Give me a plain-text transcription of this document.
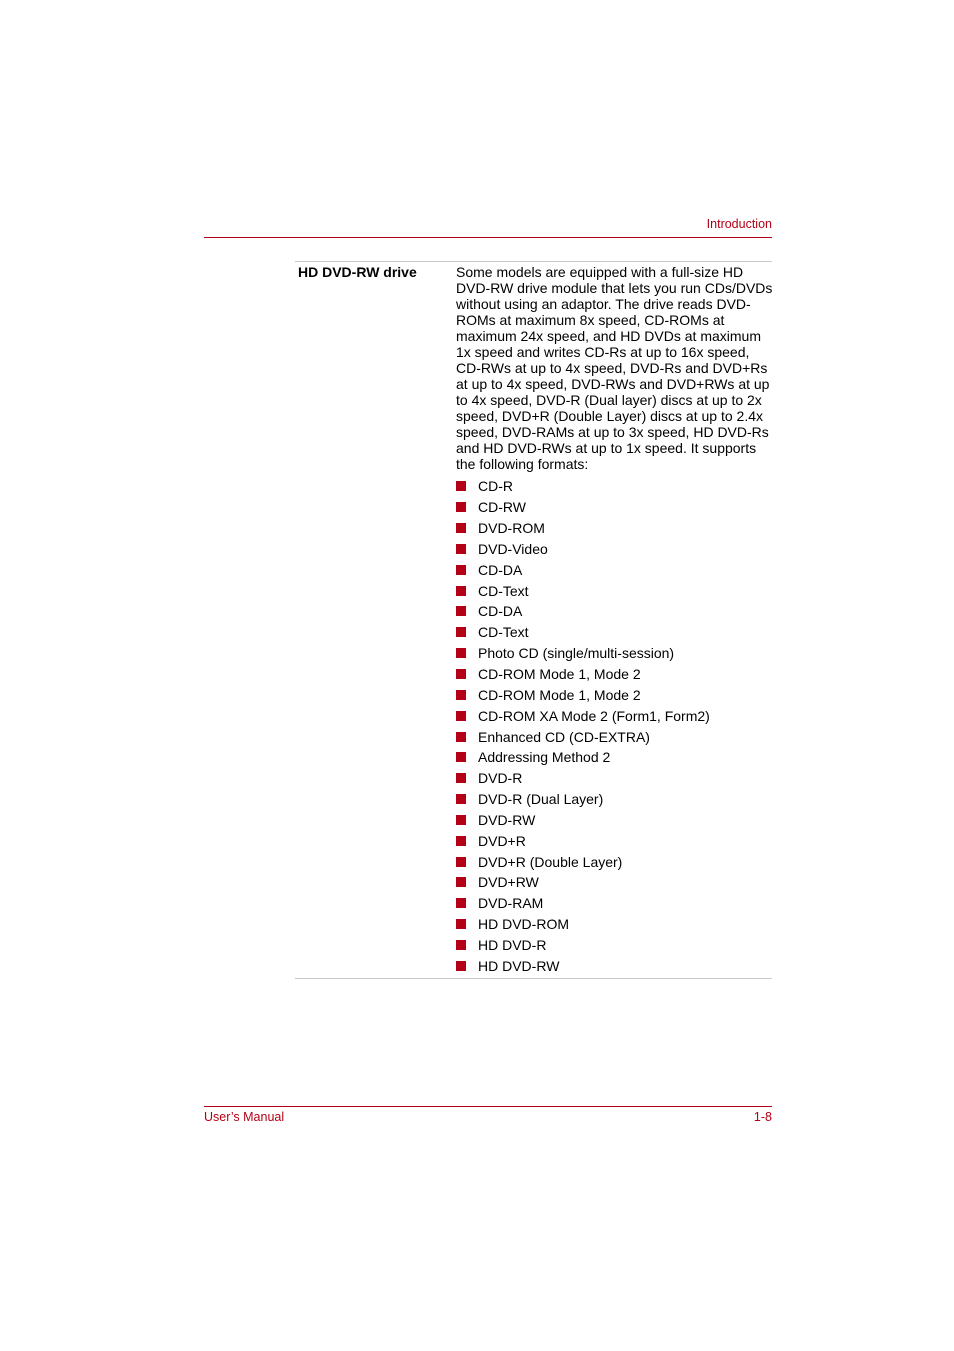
Introduction
HD DVD-RW drive	Some models are equipped with a full-size HD DVD-RW drive module that lets you run CDs/DVDs without using an adaptor. The drive reads DVD-ROMs at maximum 8x speed, CD-ROMs at maximum 24x speed, and HD DVDs at maximum 1x speed and writes CD-Rs at up to 16x speed, CD-RWs at up to 4x speed, DVD-Rs and DVD+Rs at up to 4x speed, DVD-RWs and DVD+RWs at up to 4x speed, DVD-R (Dual layer) discs at up to 2x speed, DVD+R (Double Layer) discs at up to 2.4x speed, DVD-RAMs at up to 3x speed, HD DVD-Rs and HD DVD-RWs at up to 1x speed. It supports the following formats:

CD-R
CD-RW
DVD-ROM
DVD-Video
CD-DA
CD-Text
CD-DA
CD-Text
Photo CD (single/multi-session)
CD-ROM Mode 1, Mode 2
CD-ROM Mode 1, Mode 2
CD-ROM XA Mode 2 (Form1, Form2)
Enhanced CD (CD-EXTRA)
Addressing Method 2
DVD-R
DVD-R (Dual Layer)
DVD-RW
DVD+R
DVD+R (Double Layer)
DVD+RW
DVD-RAM
HD DVD-ROM
HD DVD-R
HD DVD-RW
User’s Manual	1-8
